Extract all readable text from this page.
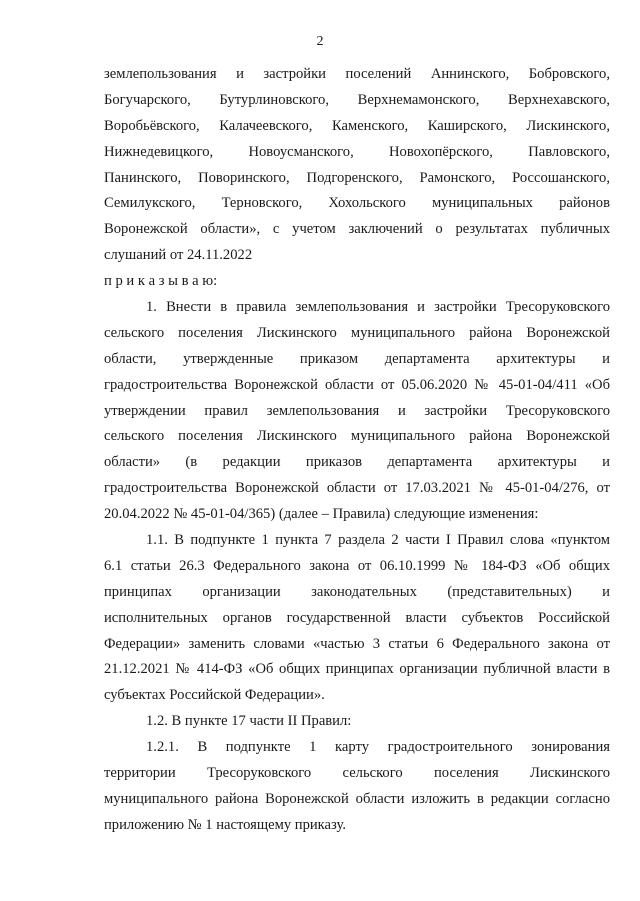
2
землепользования и застройки поселений Аннинского, Бобровского,
Богучарского, Бутурлиновского, Верхнемамонского, Верхнехавского,
Воробьёвского, Калачеевского, Каменского, Каширского, Лискинского,
Нижнедевицкого, Новоусманского, Новохопёрского, Павловского,
Панинского, Поворинского, Подгоренского, Рамонского, Россошанского,
Семилукского, Терновского, Хохольского муниципальных районов
Воронежской области», с учетом заключений о результатах публичных
слушаний от 24.11.2022
п р и к а з ы в а ю:
1. Внести в правила землепользования и застройки Тресоруковского
сельского поселения Лискинского муниципального района Воронежской
области, утвержденные приказом департамента архитектуры и
градостроительства Воронежской области от 05.06.2020 № 45-01-04/411 «Об
утверждении правил землепользования и застройки Тресоруковского
сельского поселения Лискинского муниципального района Воронежской
области» (в редакции приказов департамента архитектуры и
градостроительства Воронежской области от 17.03.2021 № 45-01-04/276, от
20.04.2022 № 45-01-04/365) (далее – Правила) следующие изменения:
1.1. В подпункте 1 пункта 7 раздела 2 части I Правил слова «пунктом
6.1 статьи 26.3 Федерального закона от 06.10.1999 № 184-ФЗ «Об общих
принципах организации законодательных (представительных) и
исполнительных органов государственной власти субъектов Российской
Федерации» заменить словами «частью 3 статьи 6 Федерального закона от
21.12.2021 № 414-ФЗ «Об общих принципах организации публичной власти в
субъектах Российской Федерации».
1.2. В пункте 17 части II Правил:
1.2.1. В подпункте 1 карту градостроительного зонирования
территории Тресоруковского сельского поселения Лискинского
муниципального района Воронежской области изложить в редакции согласно
приложению № 1 настоящему приказу.
